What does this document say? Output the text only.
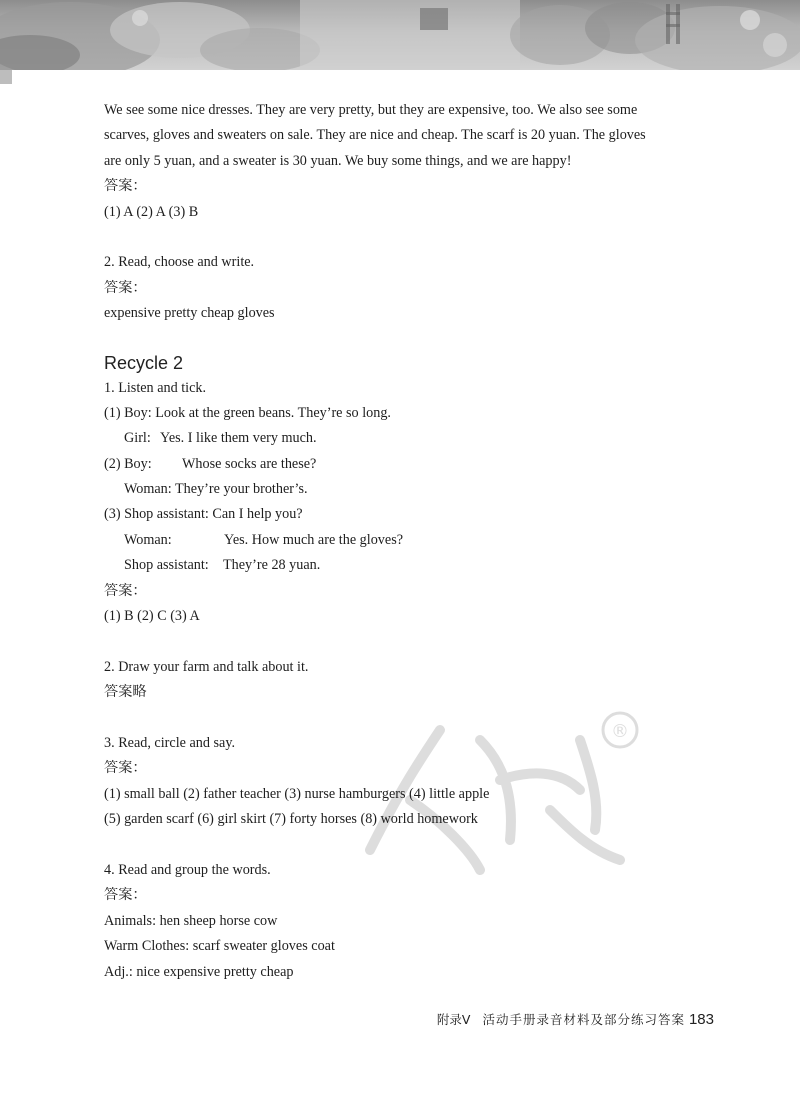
®
We see some nice dresses. They are very pretty, but they are expensive, too. We also see some
scarves, gloves and sweaters on sale. They are nice and cheap. The scarf is 20 yuan. The gloves
are only 5 yuan, and a sweater is 30 yuan. We buy some things, and we are happy!
答案：
(1) A (2) A (3) B
2. Read, choose and write.
答案：
expensive pretty cheap gloves
Recycle 2
1. Listen and tick.
(1) Boy: Look at the green beans. They’re so long.
Girl: Yes. I like them very much.
(2) Boy: Whose socks are these?
Woman: They’re your brother’s.
(3) Shop assistant: Can I help you?
Woman:	Yes. How much are the gloves?
Shop assistant: They’re 28 yuan.
答案：
(1) B (2) C (3) A
2. Draw your farm and talk about it.
答案略
3. Read, circle and say.
答案：
(1) small ball (2) father teacher (3) nurse hamburgers (4) little apple
(5) garden scarf (6) girl skirt (7) forty horses (8) world homework
4. Read and group the words.
答案：
Animals: hen sheep horse cow
Warm Clothes: scarf sweater gloves coat
Adj.: nice expensive pretty cheap
附录Ⅴ 活动手册录音材料及部分练习答案 183
